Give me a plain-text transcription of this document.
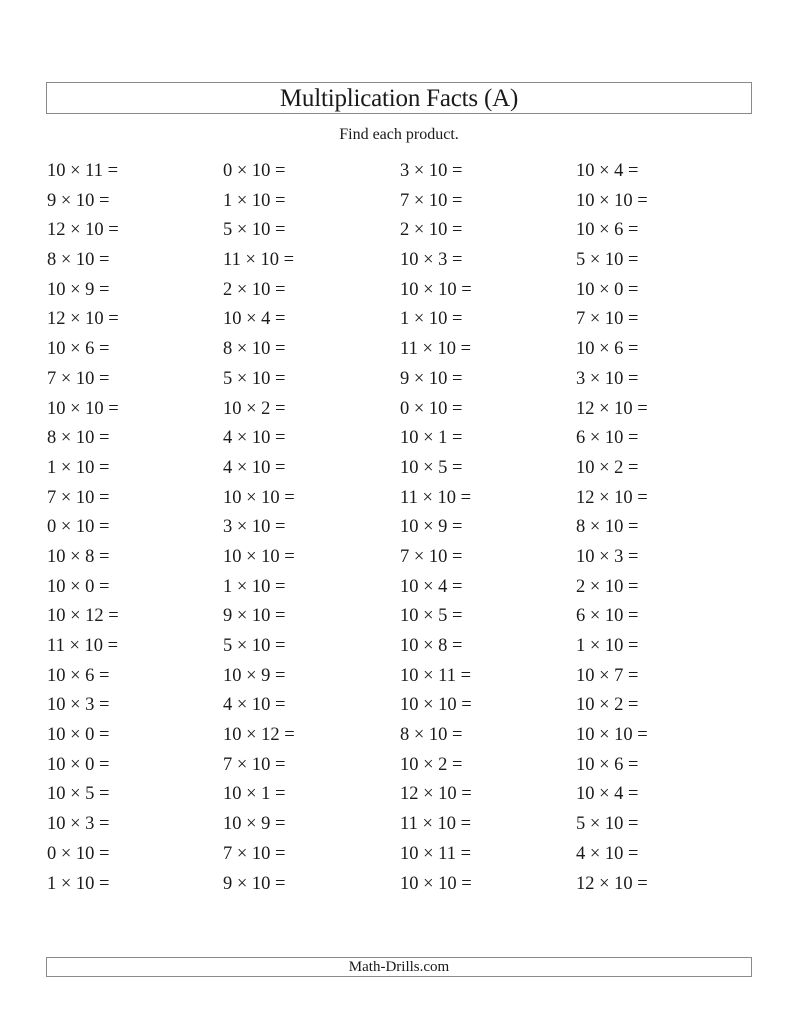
Multiplication Facts (A)
Find each product.
10 × 11 =	0 × 10 =	3 × 10 =	10 × 4 =
9 × 10 =	1 × 10 =	7 × 10 =	10 × 10 =
12 × 10 =	5 × 10 =	2 × 10 =	10 × 6 =
8 × 10 =	11 × 10 =	10 × 3 =	5 × 10 =
10 × 9 =	2 × 10 =	10 × 10 =	10 × 0 =
12 × 10 =	10 × 4 =	1 × 10 =	7 × 10 =
10 × 6 =	8 × 10 =	11 × 10 =	10 × 6 =
7 × 10 =	5 × 10 =	9 × 10 =	3 × 10 =
10 × 10 =	10 × 2 =	0 × 10 =	12 × 10 =
8 × 10 =	4 × 10 =	10 × 1 =	6 × 10 =
1 × 10 =	4 × 10 =	10 × 5 =	10 × 2 =
7 × 10 =	10 × 10 =	11 × 10 =	12 × 10 =
0 × 10 =	3 × 10 =	10 × 9 =	8 × 10 =
10 × 8 =	10 × 10 =	7 × 10 =	10 × 3 =
10 × 0 =	1 × 10 =	10 × 4 =	2 × 10 =
10 × 12 =	9 × 10 =	10 × 5 =	6 × 10 =
11 × 10 =	5 × 10 =	10 × 8 =	1 × 10 =
10 × 6 =	10 × 9 =	10 × 11 =	10 × 7 =
10 × 3 =	4 × 10 =	10 × 10 =	10 × 2 =
10 × 0 =	10 × 12 =	8 × 10 =	10 × 10 =
10 × 0 =	7 × 10 =	10 × 2 =	10 × 6 =
10 × 5 =	10 × 1 =	12 × 10 =	10 × 4 =
10 × 3 =	10 × 9 =	11 × 10 =	5 × 10 =
0 × 10 =	7 × 10 =	10 × 11 =	4 × 10 =
1 × 10 =	9 × 10 =	10 × 10 =	12 × 10 =
Math-Drills.com
